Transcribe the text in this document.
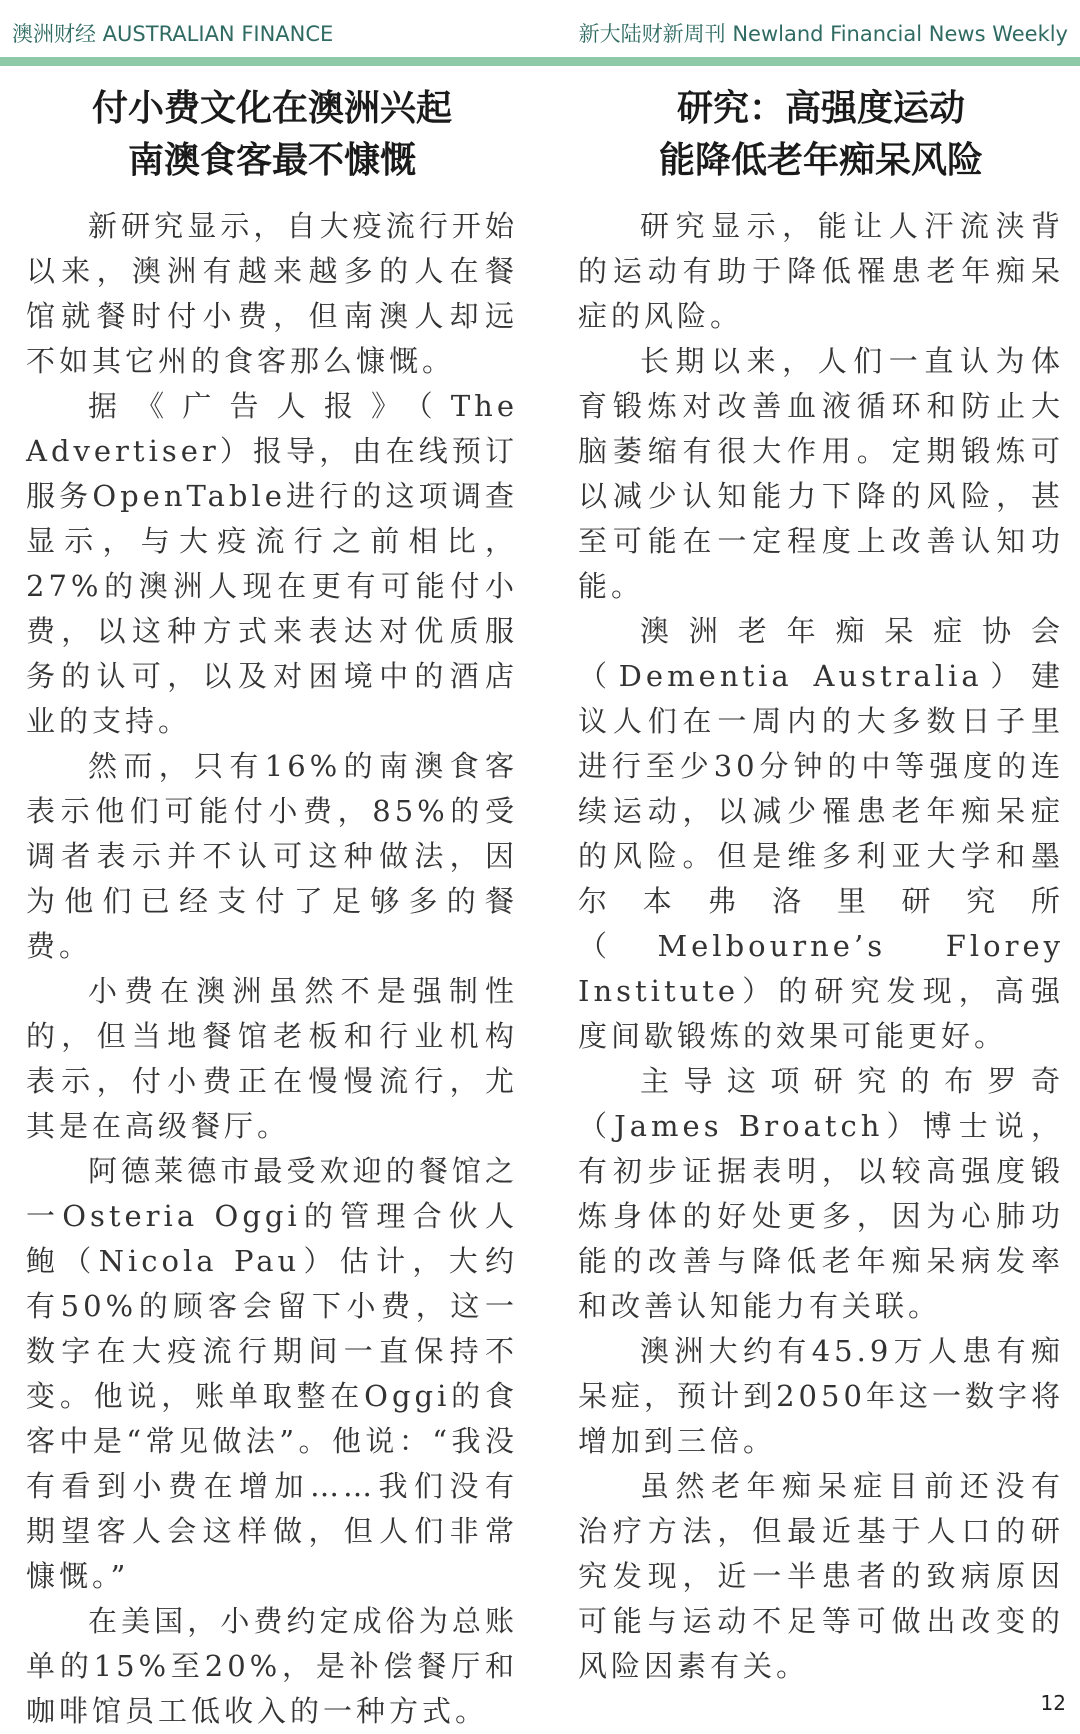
澳洲财经 AUSTRALIAN FINANCE	新大陆财新周刊 Newland Financial News Weekly
付小费文化在澳洲兴起
南澳食客最不慷慨

新研究显示，自大疫流行开始以来，澳洲有越来越多的人在餐馆就餐时付小费，但南澳人却远不如其它州的食客那么慷慨。

据《广告人报》（The Advertiser）报导，由在线预订服务OpenTable进行的这项调查显示，与大疫流行之前相比，27%的澳洲人现在更有可能付小费，以这种方式来表达对优质服务的认可，以及对困境中的酒店业的支持。

然而，只有16%的南澳食客表示他们可能付小费，85%的受调者表示并不认可这种做法，因为他们已经支付了足够多的餐费。

小费在澳洲虽然不是强制性的，但当地餐馆老板和行业机构表示，付小费正在慢慢流行，尤其是在高级餐厅。

阿德莱德市最受欢迎的餐馆之一Osteria Oggi的管理合伙人鲍（Nicola Pau）估计，大约有50%的顾客会留下小费，这一数字在大疫流行期间一直保持不变。他说，账单取整在Oggi的食客中是“常见做法”。他说：“我没有看到小费在增加……我们没有期望客人会这样做，但人们非常慷慨。”

在美国，小费约定成俗为总账单的15%至20%，是补偿餐厅和咖啡馆员工低收入的一种方式。

研究：高强度运动
能降低老年痴呆风险

研究显示，能让人汗流浃背的运动有助于降低罹患老年痴呆症的风险。

长期以来，人们一直认为体育锻炼对改善血液循环和防止大脑萎缩有很大作用。定期锻炼可以减少认知能力下降的风险，甚至可能在一定程度上改善认知功能。

澳洲老年痴呆症协会（Dementia Australia）建议人们在一周内的大多数日子里进行至少30分钟的中等强度的连续运动，以减少罹患老年痴呆症的风险。但是维多利亚大学和墨尔本弗洛里研究所（Melbourne’s Florey Institute）的研究发现，高强度间歇锻炼的效果可能更好。

主导这项研究的布罗奇（James Broatch）博士说，有初步证据表明，以较高强度锻炼身体的好处更多，因为心肺功能的改善与降低老年痴呆病发率和改善认知能力有关联。

澳洲大约有45.9万人患有痴呆症，预计到2050年这一数字将增加到三倍。

虽然老年痴呆症目前还没有治疗方法，但最近基于人口的研究发现，近一半患者的致病原因可能与运动不足等可做出改变的风险因素有关。

12
